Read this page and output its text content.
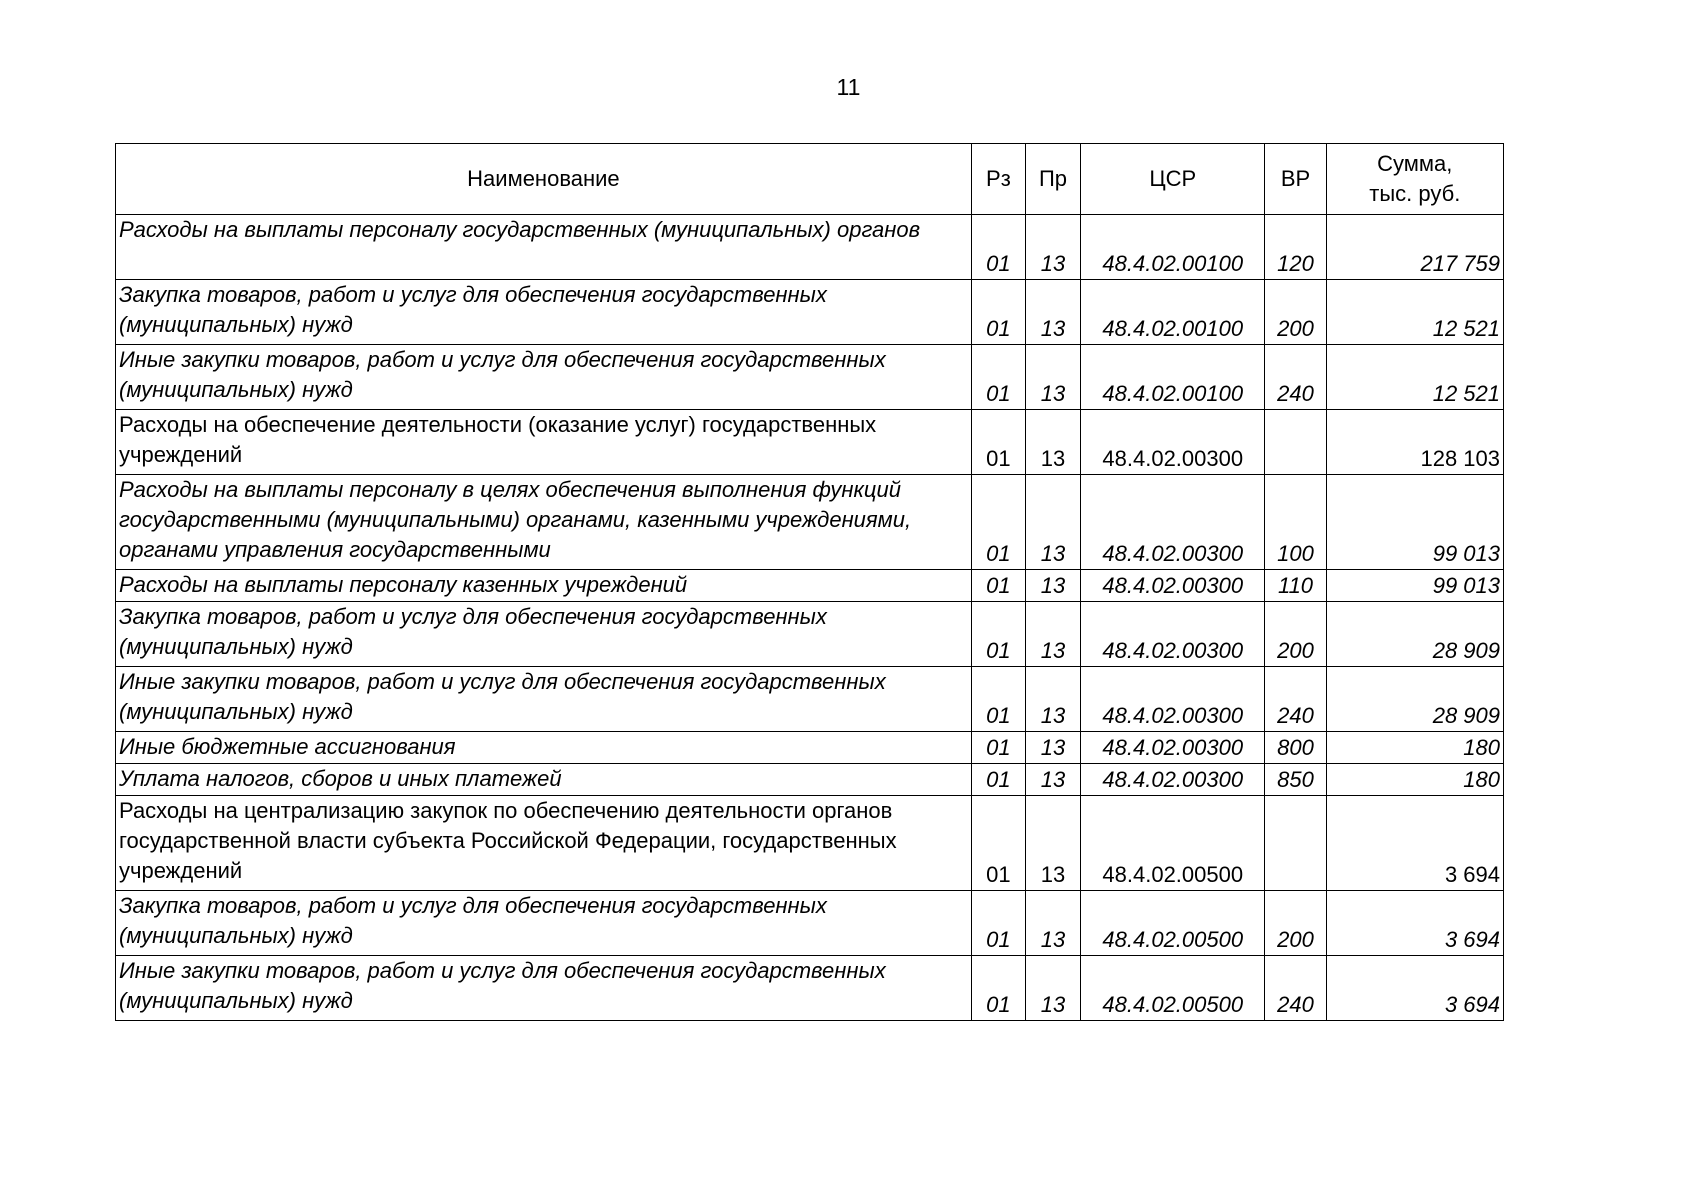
11
Наименование	Рз	Пр	ЦСР	ВР	Сумма,
тыс. руб.
Расходы на выплаты персоналу государственных (муниципальных) органов	01	13	48.4.02.00100	120	217 759
Закупка товаров, работ и услуг для обеспечения государственных (муниципальных) нужд	01	13	48.4.02.00100	200	12 521
Иные закупки товаров, работ и услуг для обеспечения государственных (муниципальных) нужд	01	13	48.4.02.00100	240	12 521
Расходы на обеспечение деятельности (оказание услуг) государственных учреждений	01	13	48.4.02.00300		128 103
Расходы на выплаты персоналу в целях обеспечения выполнения функций государственными (муниципальными) органами, казенными учреждениями, органами управления государственными	01	13	48.4.02.00300	100	99 013
Расходы на выплаты персоналу казенных учреждений	01	13	48.4.02.00300	110	99 013
Закупка товаров, работ и услуг для обеспечения государственных (муниципальных) нужд	01	13	48.4.02.00300	200	28 909
Иные закупки товаров, работ и услуг для обеспечения государственных (муниципальных) нужд	01	13	48.4.02.00300	240	28 909
Иные бюджетные ассигнования	01	13	48.4.02.00300	800	180
Уплата налогов, сборов и иных платежей	01	13	48.4.02.00300	850	180
Расходы на централизацию закупок по обеспечению деятельности органов государственной власти субъекта Российской Федерации, государственных учреждений	01	13	48.4.02.00500		3 694
Закупка товаров, работ и услуг для обеспечения государственных (муниципальных) нужд	01	13	48.4.02.00500	200	3 694
Иные закупки товаров, работ и услуг для обеспечения государственных (муниципальных) нужд	01	13	48.4.02.00500	240	3 694
